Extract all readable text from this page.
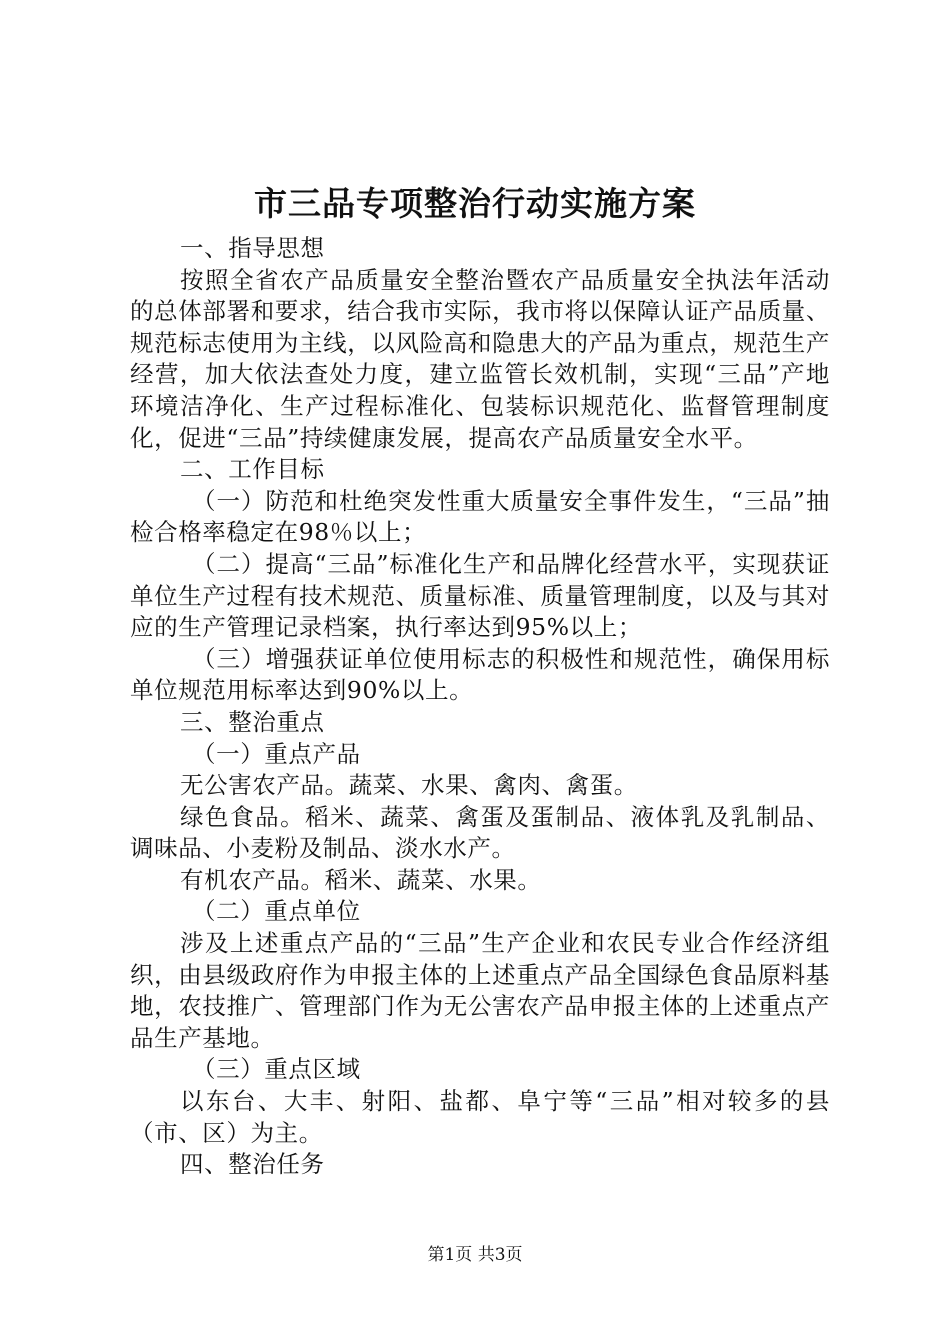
市三品专项整治行动实施方案

一、指导思想

按照全省农产品质量安全整治暨农产品质量安全执法年活动的总体部署和要求，结合我市实际，我市将以保障认证产品质量、规范标志使用为主线，以风险高和隐患大的产品为重点，规范生产经营，加大依法查处力度，建立监管长效机制，实现“三品”产地环境洁净化、生产过程标准化、包装标识规范化、监督管理制度化，促进“三品”持续健康发展，提高农产品质量安全水平。

二、工作目标

（一）防范和杜绝突发性重大质量安全事件发生，“三品”抽检合格率稳定在98％以上；

（二）提高“三品”标准化生产和品牌化经营水平，实现获证单位生产过程有技术规范、质量标准、质量管理制度，以及与其对应的生产管理记录档案，执行率达到95%以上；

（三）增强获证单位使用标志的积极性和规范性，确保用标单位规范用标率达到90%以上。

三、整治重点

（一）重点产品

无公害农产品。蔬菜、水果、禽肉、禽蛋。

绿色食品。稻米、蔬菜、禽蛋及蛋制品、液体乳及乳制品、调味品、小麦粉及制品、淡水水产。

有机农产品。稻米、蔬菜、水果。

（二）重点单位

涉及上述重点产品的“三品”生产企业和农民专业合作经济组织，由县级政府作为申报主体的上述重点产品全国绿色食品原料基地，农技推广、管理部门作为无公害农产品申报主体的上述重点产品生产基地。

（三）重点区域

以东台、大丰、射阳、盐都、阜宁等“三品”相对较多的县（市、区）为主。

四、整治任务

第1页 共3页
